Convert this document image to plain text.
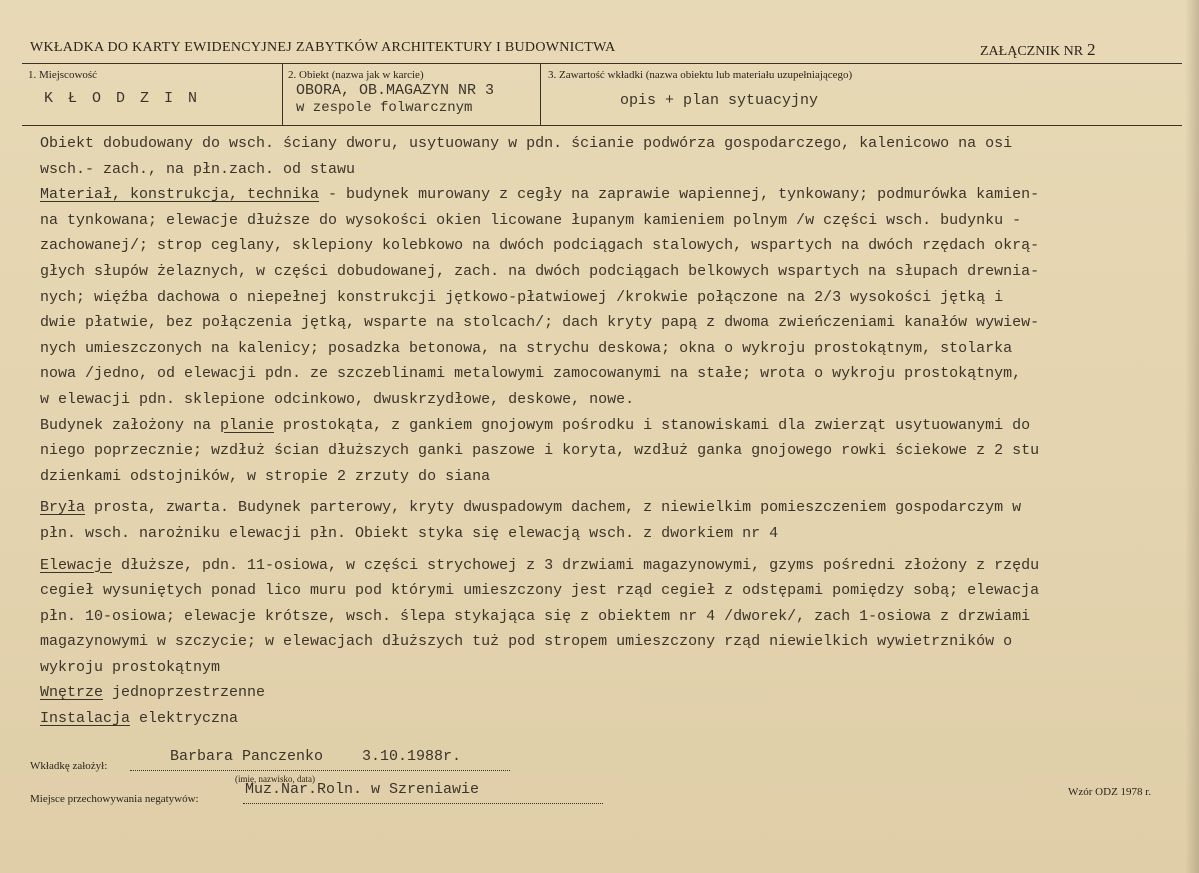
WKŁADKA DO KARTY EWIDENCYJNEJ ZABYTKÓW ARCHITEKTURY I BUDOWNICTWA	ZAŁĄCZNIK NR 2
1. Miejscowość
K Ł O D Z I N
2. Obiekt (nazwa jak w karcie)
OBORA, OB.MAGAZYN NR 3
w zespole folwarcznym
3. Zawartość wkładki (nazwa obiektu lub materiału uzupełniającego)
opis + plan sytuacyjny
Obiekt dobudowany do wsch. ściany dworu, usytuowany w pdn. ścianie podwórza gospodarczego, kalenicowo na osi
wsch.- zach., na płn.zach. od stawu
Materiał, konstrukcja, technika - budynek murowany z cegły na zaprawie wapiennej, tynkowany; podmurówka kamien-
na tynkowana; elewacje dłuższe do wysokości okien licowane łupanym kamieniem polnym /w części wsch. budynku -
zachowanej/; strop ceglany, sklepiony kolebkowo na dwóch podciągach stalowych, wspartych na dwóch rzędach okrą-
głych słupów żelaznych, w części dobudowanej, zach. na dwóch podciągach belkowych wspartych na słupach drewnia-
nych; więźba dachowa o niepełnej konstrukcji jętkowo-płatwiowej /krokwie połączone na 2/3 wysokości jętką i
dwie płatwie, bez połączenia jętką, wsparte na stolcach/; dach kryty papą z dwoma zwieńczeniami kanałów wywiew-
nych umieszczonych na kalenicy; posadzka betonowa, na strychu deskowa; okna o wykroju prostokątnym, stolarka
nowa /jedno, od elewacji pdn. ze szczeblinami metalowymi zamocowanymi na stałe; wrota o wykroju prostokątnym,
w elewacji pdn. sklepione odcinkowo, dwuskrzydłowe, deskowe, nowe.
Budynek założony na planie prostokąta, z gankiem gnojowym pośrodku i stanowiskami dla zwierząt usytuowanymi do
niego poprzecznie; wzdłuż ścian dłuższych ganki paszowe i koryta, wzdłuż ganka gnojowego rowki ściekowe z 2 stu
dzienkami odstojników, w stropie 2 zrzuty do siana
Bryła prosta, zwarta. Budynek parterowy, kryty dwuspadowym dachem, z niewielkim pomieszczeniem gospodarczym w
płn. wsch. narożniku elewacji płn. Obiekt styka się elewacją wsch. z dworkiem nr 4
Elewacje dłuższe, pdn. 11-osiowa, w części strychowej z 3 drzwiami magazynowymi, gzyms pośredni złożony z rzędu
cegieł wysuniętych ponad lico muru pod którymi umieszczony jest rząd cegieł z odstępami pomiędzy sobą; elewacja
płn. 10-osiowa; elewacje krótsze, wsch. ślepa stykająca się z obiektem nr 4 /dworek/, zach 1-osiowa z drzwiami
magazynowymi w szczycie; w elewacjach dłuższych tuż pod stropem umieszczony rząd niewielkich wywietrzników o
wykroju prostokątnym
Wnętrze jednoprzestrzenne
Instalacja elektryczna
Wkładkę założył:
Barbara Panczenko	3.10.1988r.
(imię, nazwisko, data)
Miejsce przechowywania negatywów:
Muz.Nar.Roln. w Szreniawie	Wzór ODZ 1978 r.
